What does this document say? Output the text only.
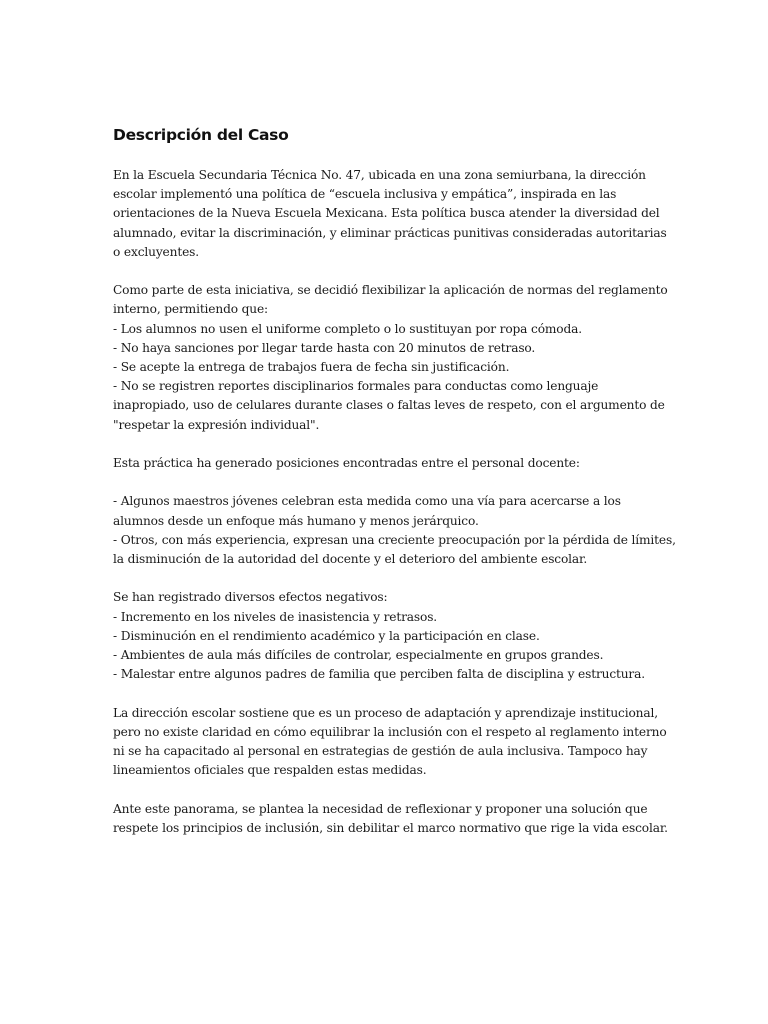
Descripción del Caso

En la Escuela Secundaria Técnica No. 47, ubicada en una zona semiurbana, la dirección

escolar implementó una política de “escuela inclusiva y empática”, inspirada en las

orientaciones de la Nueva Escuela Mexicana. Esta política busca atender la diversidad del

alumnado, evitar la discriminación, y eliminar prácticas punitivas consideradas autoritarias

o excluyentes.

Como parte de esta iniciativa, se decidió flexibilizar la aplicación de normas del reglamento

interno, permitiendo que:

- Los alumnos no usen el uniforme completo o lo sustituyan por ropa cómoda.

- No haya sanciones por llegar tarde hasta con 20 minutos de retraso.

- Se acepte la entrega de trabajos fuera de fecha sin justificación.

- No se registren reportes disciplinarios formales para conductas como lenguaje

inapropiado, uso de celulares durante clases o faltas leves de respeto, con el argumento de

"respetar la expresión individual".

Esta práctica ha generado posiciones encontradas entre el personal docente:

- Algunos maestros jóvenes celebran esta medida como una vía para acercarse a los

alumnos desde un enfoque más humano y menos jerárquico.

- Otros, con más experiencia, expresan una creciente preocupación por la pérdida de límites,

la disminución de la autoridad del docente y el deterioro del ambiente escolar.

Se han registrado diversos efectos negativos:

- Incremento en los niveles de inasistencia y retrasos.

- Disminución en el rendimiento académico y la participación en clase.

- Ambientes de aula más difíciles de controlar, especialmente en grupos grandes.

- Malestar entre algunos padres de familia que perciben falta de disciplina y estructura.

La dirección escolar sostiene que es un proceso de adaptación y aprendizaje institucional,

pero no existe claridad en cómo equilibrar la inclusión con el respeto al reglamento interno

ni se ha capacitado al personal en estrategias de gestión de aula inclusiva. Tampoco hay

lineamientos oficiales que respalden estas medidas.

Ante este panorama, se plantea la necesidad de reflexionar y proponer una solución que

respete los principios de inclusión, sin debilitar el marco normativo que rige la vida escolar.
